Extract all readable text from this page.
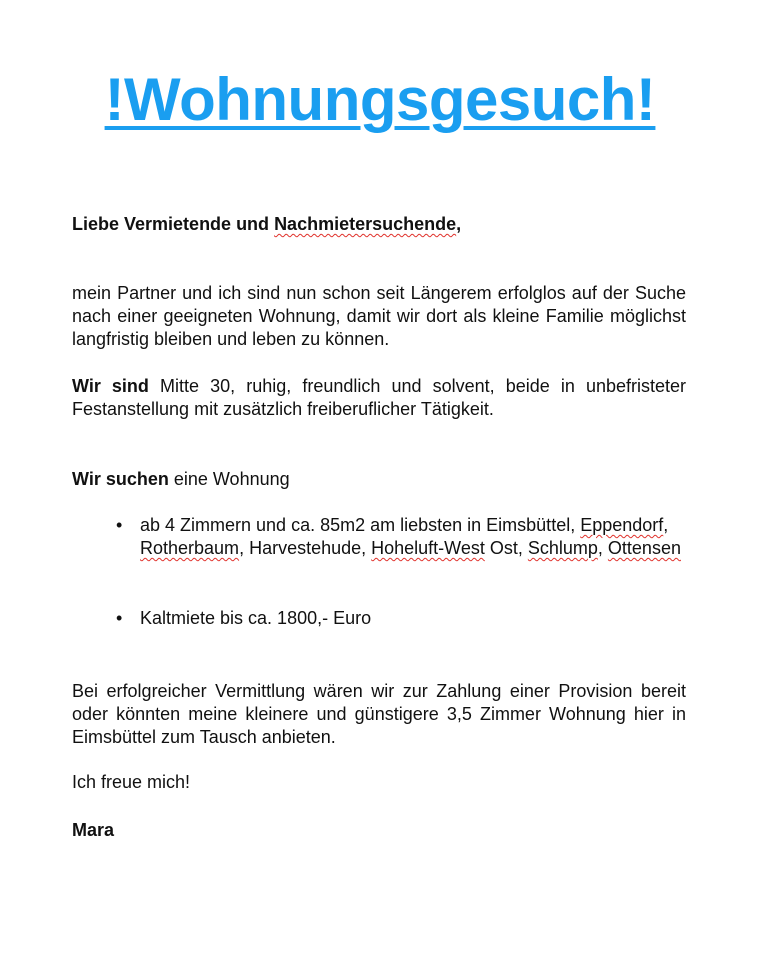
!Wohnungsgesuch!
Liebe Vermietende und Nachmietersuchende,
mein Partner und ich sind nun schon seit Längerem erfolglos auf der Suche nach einer geeigneten Wohnung, damit wir dort als kleine Familie möglichst langfristig bleiben und leben zu können.
Wir sind Mitte 30, ruhig, freundlich und solvent, beide in unbefristeter Festanstellung mit zusätzlich freiberuflicher Tätigkeit.
Wir suchen eine Wohnung
• ab 4 Zimmern und ca. 85m2 am liebsten in Eimsbüttel, Eppendorf, Rotherbaum, Harvestehude, Hoheluft-West Ost, Schlump, Ottensen
• Kaltmiete bis ca. 1800,- Euro
Bei erfolgreicher Vermittlung wären wir zur Zahlung einer Provision bereit oder könnten meine kleinere und günstigere 3,5 Zimmer Wohnung hier in Eimsbüttel zum Tausch anbieten.
Ich freue mich!
Mara
